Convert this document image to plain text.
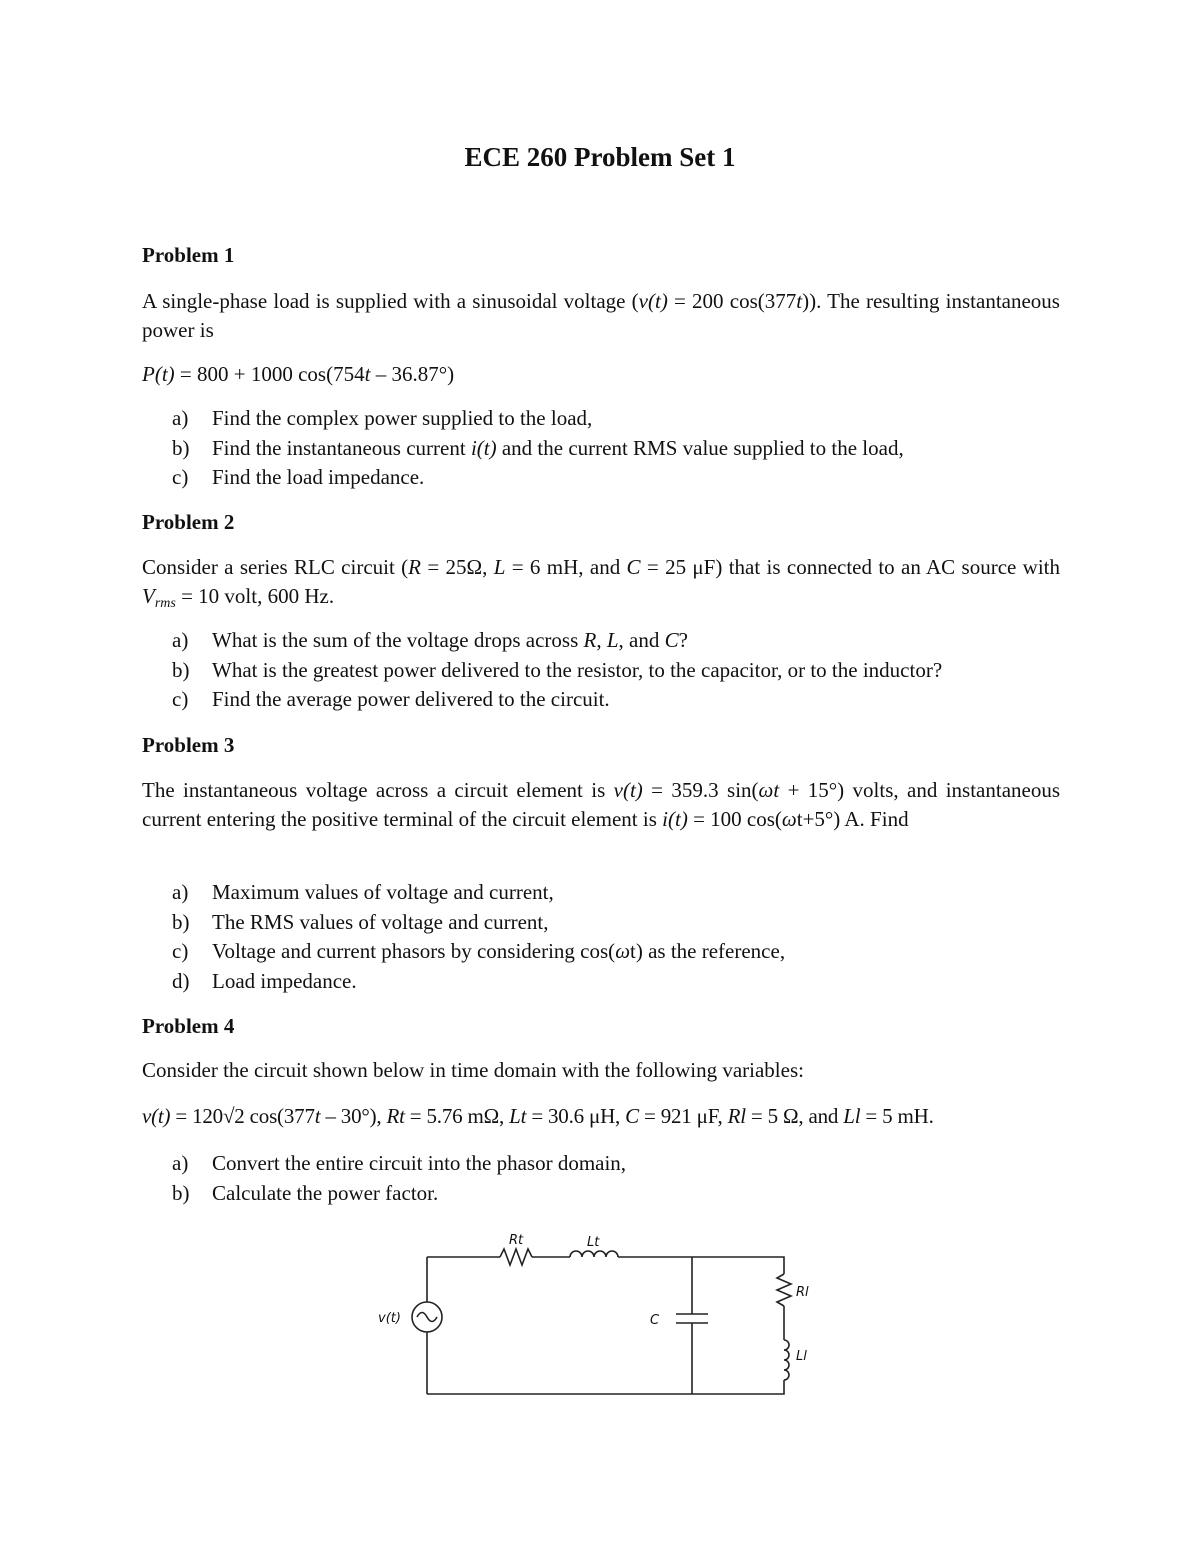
ECE 260 Problem Set 1
Problem 1
A single-phase load is supplied with a sinusoidal voltage (v(t) = 200 cos(377t)). The resulting instantaneous power is
P(t) = 800 + 1000 cos(754t – 36.87°)
a) Find the complex power supplied to the load,
b) Find the instantaneous current i(t) and the current RMS value supplied to the load,
c) Find the load impedance.
Problem 2
Consider a series RLC circuit (R = 25Ω, L = 6 mH, and C = 25 μF) that is connected to an AC source with $V_{rms} = 10$ volt, 600 Hz.
a) What is the sum of the voltage drops across R, L, and C?
b) What is the greatest power delivered to the resistor, to the capacitor, or to the inductor?
c) Find the average power delivered to the circuit.
Problem 3
The instantaneous voltage across a circuit element is v(t) = 359.3 sin(ωt + 15°) volts, and instantaneous current entering the positive terminal of the circuit element is i(t) = 100 cos(ωt+5°) A. Find
a) Maximum values of voltage and current,
b) The RMS values of voltage and current,
c) Voltage and current phasors by considering cos(ωt) as the reference,
d) Load impedance.
Problem 4
Consider the circuit shown below in time domain with the following variables:
v(t) = 120√2 cos(377t – 30°), Rt = 5.76 mΩ, Lt = 30.6 μH, C = 921 μF, Rl = 5 Ω, and Ll = 5 mH.
a) Convert the entire circuit into the phasor domain,
b) Calculate the power factor.
v(t)
Rt	Lt
C
Rl
Ll
